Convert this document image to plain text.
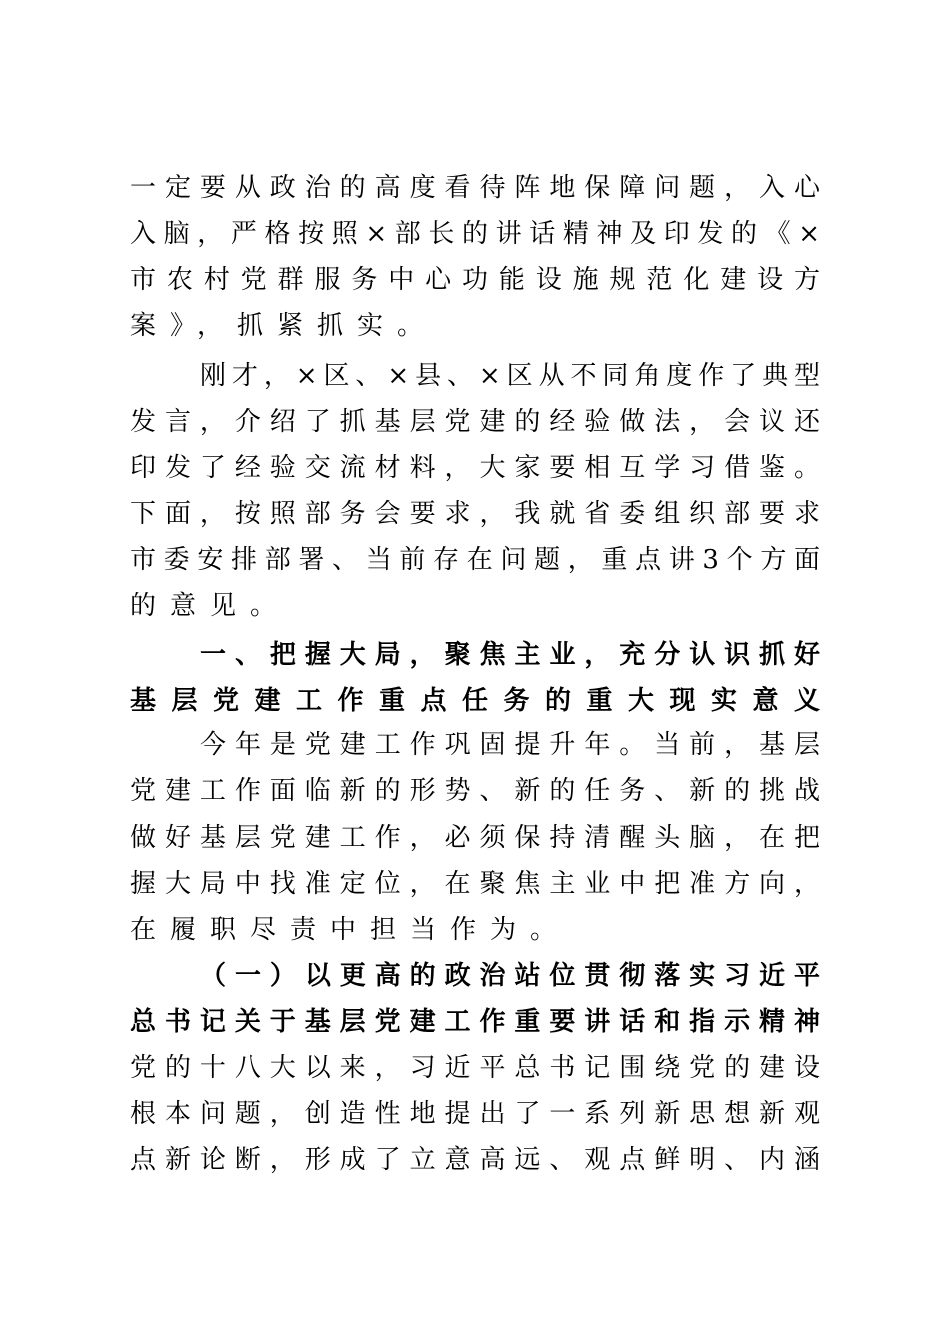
一定要从政治的高度看待阵地保障问题，入心
入脑，严格按照×部长的讲话精神及印发的《×
市农村党群服务中心功能设施规范化建设方
案》，抓紧抓实。
刚才，×区、×县、×区从不同角度作了典型
发言，介绍了抓基层党建的经验做法，会议还
印发了经验交流材料，大家要相互学习借鉴。
下面，按照部务会要求，我就省委组织部要求
市委安排部署、当前存在问题，重点讲3个方面
的意见。
一、把握大局，聚焦主业，充分认识抓好
基层党建工作重点任务的重大现实意义
今年是党建工作巩固提升年。当前，基层
党建工作面临新的形势、新的任务、新的挑战
做好基层党建工作，必须保持清醒头脑，在把
握大局中找准定位，在聚焦主业中把准方向，
在履职尽责中担当作为。
（一）以更高的政治站位贯彻落实习近平
总书记关于基层党建工作重要讲话和指示精神
党的十八大以来，习近平总书记围绕党的建设
根本问题，创造性地提出了一系列新思想新观
点新论断，形成了立意高远、观点鲜明、内涵
